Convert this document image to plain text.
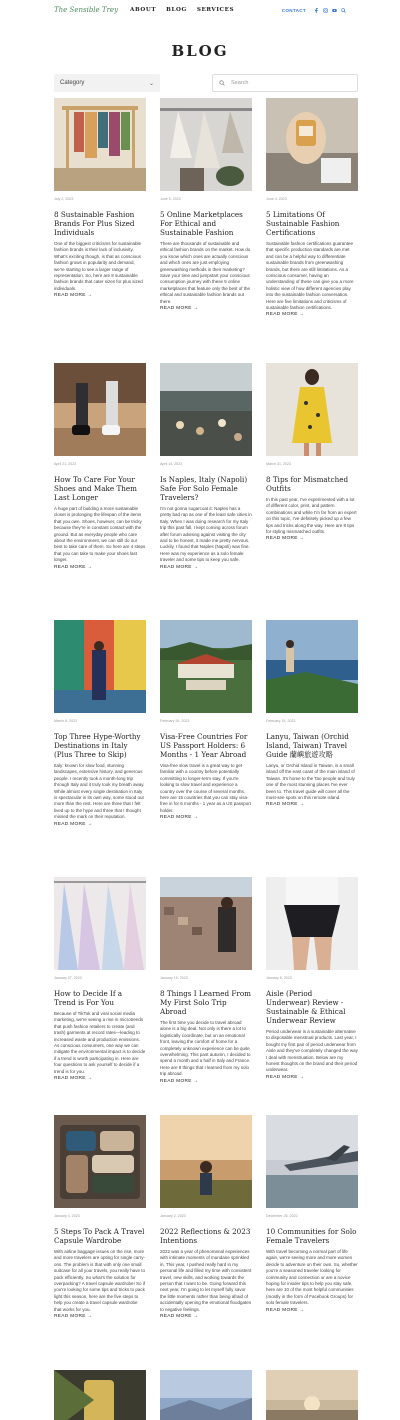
The Sensible Trey ABOUT BLOG SERVICES	CONTACT
BLOG
Category	⌄	Search
July 2, 2023
8 Sustainable Fashion Brands For Plus Sized Individuals
One of the biggest criticisms for sustainable fashion brands is their lack of inclusivity. What's exciting though, is that as conscious fashion grows in popularity and demand, we're starting to see a larger range of representation. So, here are 8 sustainable fashion brands that cater sizes for plus sized individuals.
READ MORE →
June 5, 2023
5 Online Marketplaces For Ethical and Sustainable Fashion
There are thousands of sustainable and ethical fashion brands on the market. How do you know which ones are actually conscious and which ones are just employing greenwashing methods in their marketing? Save your time and jumpstart your conscious consumption journey with these 5 online marketplaces that feature only the best of the ethical and sustainable fashion brands out there.
READ MORE →
June 4, 2023
5 Limitations Of Sustainable Fashion Certifications
Sustainable fashion certifications guarantee that specific production standards are met and can be a helpful way to differentiate sustainable brands from greenwashing brands, but there are still limitations. As a conscious consumer, having an understanding of these can give you a more holistic view of how different agencies play into the sustainable fashion conversation. Here are five limitations and criticisms of sustainable fashion certifications.
READ MORE →
April 21, 2023
How To Care For Your Shoes and Make Them Last Longer
A huge part of building a more sustainable closet is prolonging the lifespan of the items that you own. Shoes, however, can be tricky because they're in constant contact with the ground. But as everyday people who care about the environment, we can still do our best to take care of them. So here are 4 steps that you can take to make your shoes last longer.
READ MORE →
April 14, 2023
Is Naples, Italy (Napoli) Safe For Solo Female Travelers?
I'm not gonna sugarcoat it: Naples has a pretty bad rap as one of the least safe cities in Italy. When I was doing research for my Italy trip this past fall, I kept coming across forum after forum advising against visiting the city and to be honest, it made me pretty nervous. Luckily, I found that Naples (Napoli) was fine. Here was my experience as a solo female traveler and some tips to keep you safe.
READ MORE →
March 31, 2023
8 Tips for Mismatched Outfits
In this past year, I've experimented with a lot of different color, print, and pattern combinations and while I'm far from an expert on this topic, I've definitely picked up a few tips and tricks along the way. Here are 8 tips for styling mismatched outfits.
READ MORE →
March 8, 2023
Top Three Hype-Worthy Destinations in Italy (Plus Three to Skip)
Italy: known for slow food, stunning landscapes, extensive history, and generous people. I recently took a month-long trip through Italy and it truly took my breath away. While almost every single destination in Italy is spectacular in its own way, some stood out more than the rest. Here are three that I felt lived up to the hype and three that I thought missed the mark on their reputation.
READ MORE →
February 26, 2023
Visa-Free Countries For US Passport Holders: 6 Months - 1 Year Abroad
Visa-free slow travel is a great way to get familiar with a country before potentially committing to longer-term stay. If you're looking to slow travel and experience a country over the course of several months, here are 15 countries that you can stay visa-free in for 6 months - 1 year as a US passport holder.
READ MORE →
February 15, 2023
Lanyu, Taiwan (Orchid Island, Taiwan) Travel Guide 蘭嶼旅遊攻略
Lanyu, or Orchid Island in Taiwan, is a small island off the east coast of the main island of Taiwan. It's home to the Tao people and truly one of the most stunning places I've ever been to. This travel guide will cover all the must-see spots on this remote island.
READ MORE →
January 27, 2023
How to Decide If a Trend is For You
Because of TikTok and viral social media marketing, we're seeing a rise in microtrends that push fashion retailers to create (and trash) garments at record rates—leading to increased waste and production emissions. As conscious consumers, one way we can mitigate the environmental impact is to decide if a trend is worth participating in. Here are four questions to ask yourself to decide if a trend is for you.
READ MORE →
January 15, 2023
8 Things I Learned From My First Solo Trip Abroad
The first time you decide to travel abroad alone is a big deal. Not only is there a lot to logistically coordinate, but on an emotional front, leaving the comfort of home for a completely unknown experience can be quite overwhelming. This past autumn, I decided to spend a month and a half in Italy and France. Here are 8 things that I learned from my solo trip abroad.
READ MORE →
January 8, 2023
Aisle (Period Underwear) Review - Sustainable & Ethical Underwear Review
Period underwear is a sustainable alternative to disposable menstrual products. Last year, I bought my first pair of period underwear from Aisle and they've completely changed the way I deal with menstruation. Below are my honest thoughts on the brand and their period underwear.
READ MORE →
January 4, 2023
5 Steps To Pack A Travel Capsule Wardrobe
With airline baggage issues on the rise, more and more travelers are opting for single carry-ons. The problem is that with only one small suitcase for all your travels, you really have to pack efficiently. So what's the solution for overpacking? A travel capsule wardrobe! So if you're looking for some tips and tricks to pack light this season, here are the five steps to help you create a travel capsule wardrobe that works for you.
READ MORE →
January 2, 2023
2022 Reflections & 2023 Intentions
2022 was a year of phenomenal experiences with intimate moments of mundane sprinkled in. This year, I pushed really hard in my personal life and filled my time with consistent travel, new skills, and working towards the person that I want to be. Going forward this next year, I'm going to let myself fully savor the little moments rather than being afraid of accidentally opening the emotional floodgates to negative feelings.
READ MORE →
December 26, 2022
10 Communities for Solo Female Travelers
With travel becoming a normal part of life again, we're seeing more and more women decide to adventure on their own. So, whether you're a seasoned traveler looking for community and connection or are a novice hoping for insider tips to help you stay safe, here are 10 of the most helpful communities (mostly in the form of Facebook Groups) for solo female travelers.
READ MORE →
